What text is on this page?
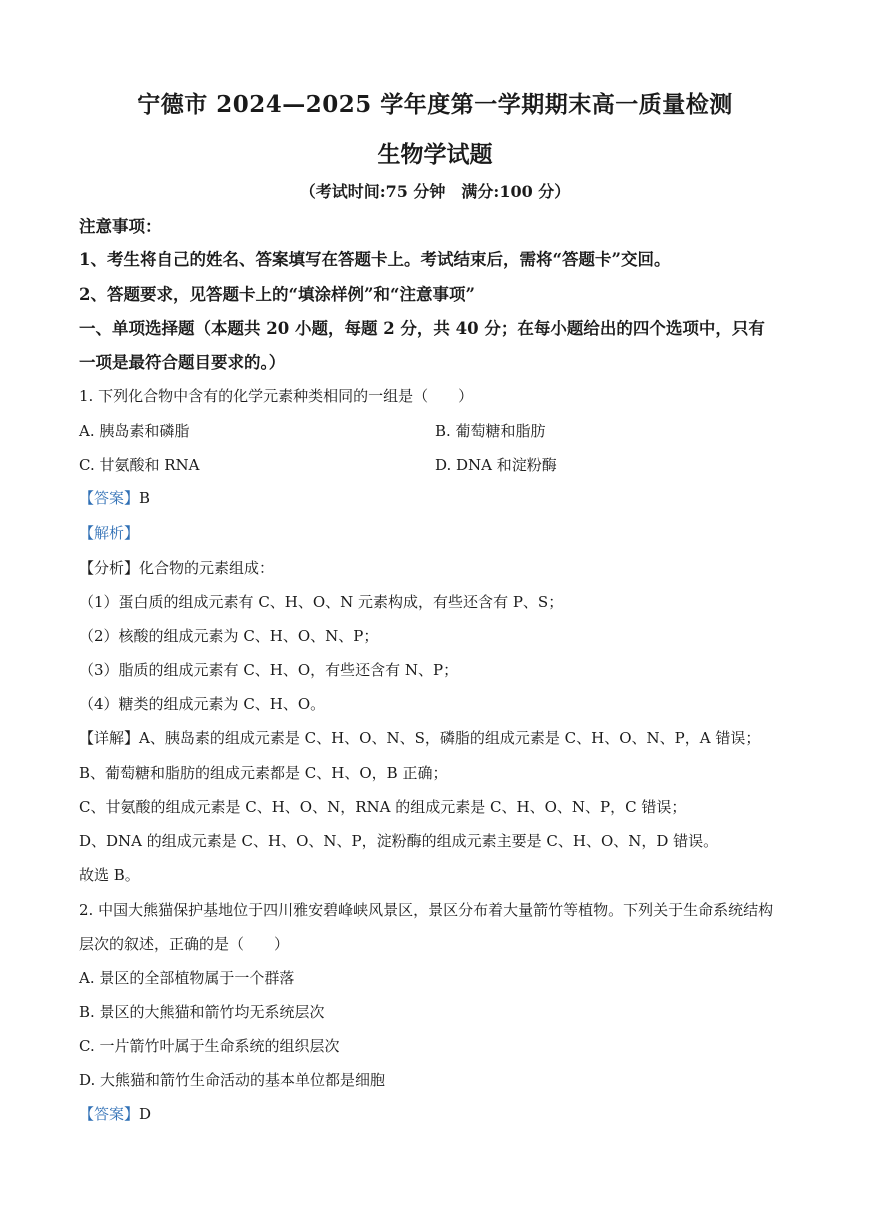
宁德市 2024—2025 学年度第一学期期末高一质量检测
生物学试题
（考试时间:75 分钟　满分:100 分）
注意事项：
1、考生将自己的姓名、答案填写在答题卡上。考试结束后，需将“答题卡”交回。
2、答题要求，见答题卡上的“填涂样例”和“注意事项”
一、单项选择题（本题共 20 小题，每题 2 分，共 40 分；在每小题给出的四个选项中，只有
一项是最符合题目要求的。）
1. 下列化合物中含有的化学元素种类相同的一组是（　　）
A. 胰岛素和磷脂	B. 葡萄糖和脂肪
C. 甘氨酸和 RNA	D. DNA 和淀粉酶
【答案】B
【解析】
【分析】化合物的元素组成：
（1）蛋白质的组成元素有 C、H、O、N 元素构成，有些还含有 P、S；
（2）核酸的组成元素为 C、H、O、N、P；
（3）脂质的组成元素有 C、H、O，有些还含有 N、P；
（4）糖类的组成元素为 C、H、O。
【详解】A、胰岛素的组成元素是 C、H、O、N、S，磷脂的组成元素是 C、H、O、N、P，A 错误；
B、葡萄糖和脂肪的组成元素都是 C、H、O，B 正确；
C、甘氨酸的组成元素是 C、H、O、N，RNA 的组成元素是 C、H、O、N、P，C 错误；
D、DNA 的组成元素是 C、H、O、N、P，淀粉酶的组成元素主要是 C、H、O、N，D 错误。
故选 B。
2. 中国大熊猫保护基地位于四川雅安碧峰峡风景区，景区分布着大量箭竹等植物。下列关于生命系统结构
层次的叙述，正确的是（　　）
A. 景区的全部植物属于一个群落
B. 景区的大熊猫和箭竹均无系统层次
C. 一片箭竹叶属于生命系统的组织层次
D. 大熊猫和箭竹生命活动的基本单位都是细胞
【答案】D
